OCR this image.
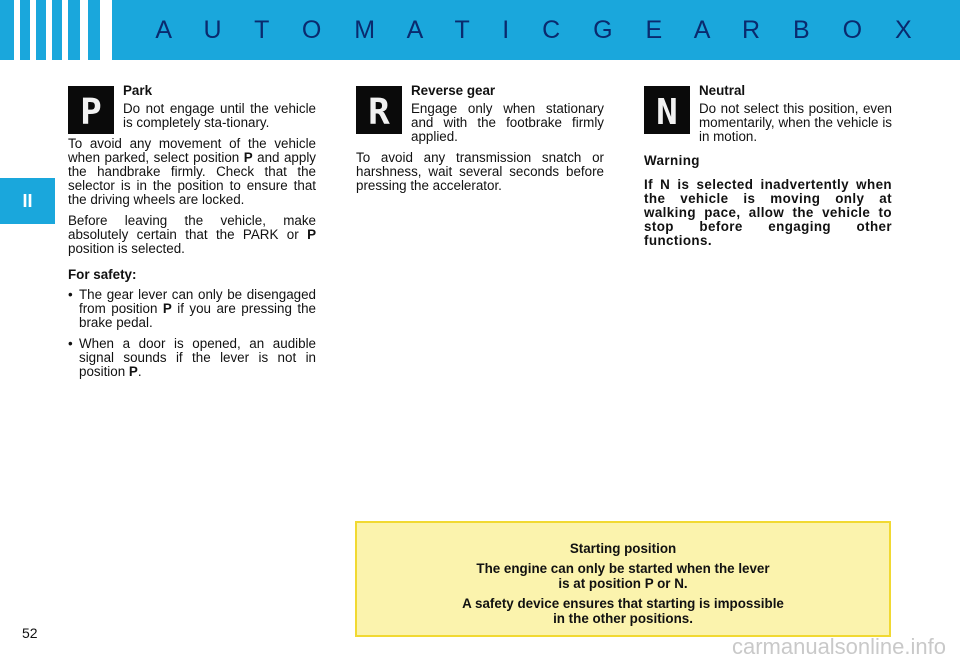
A U T O M A T I C G E A R B O X
II
P
Park

Do not engage until the vehicle is completely sta-tionary.

To avoid any movement of the vehicle when parked, select position P and apply the handbrake firmly. Check that the selector is in the position to ensure that the driving wheels are locked.

Before leaving the vehicle, make absolutely certain that the PARK or P position is selected.

For safety:
• The gear lever can only be disengaged from position P if you are pressing the brake pedal.
• When a door is opened, an audible signal sounds if the lever is not in position P.
R
Reverse gear

Engage only when stationary and with the footbrake firmly applied.

To avoid any transmission snatch or harshness, wait several seconds before pressing the accelerator.

N
Neutral

Do not select this position, even momentarily, when the vehicle is in motion.

Warning

If N is selected inadvertently when the vehicle is moving only at walking pace, allow the vehicle to stop before engaging other functions.

Starting position

The engine can only be started when the lever
is at position P or N.

A safety device ensures that starting is impossible
in the other positions.

52
carmanualsonline.info
